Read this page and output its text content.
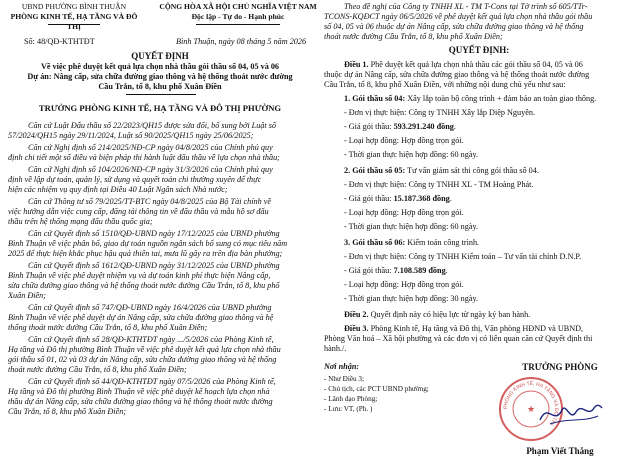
UBND PHƯỜNG BÌNH THUẬN
PHÒNG KINH TẾ, HẠ TẦNG VÀ ĐÔ THỊ
CỘNG HÒA XÃ HỘI CHỦ NGHĨA VIỆT NAM
Độc lập - Tự do - Hạnh phúc
Số: 48/QĐ-KTHTĐT	Bình Thuận, ngày 08 tháng 5 năm 2026
QUYẾT ĐỊNH
Về việc phê duyệt kết quả lựa chọn nhà thầu gói thầu số 04, 05 và 06
Dự án: Nâng cấp, sửa chữa đường giao thông và hệ thống thoát nước đường
Cầu Trắn, tổ 8, khu phố Xuân Điền
TRƯỞNG PHÒNG KINH TẾ, HẠ TẦNG VÀ ĐÔ THỊ PHƯỜNG
Căn cứ Luật Đấu thầu số 22/2023/QH15 được sửa đổi, bổ sung bởi Luật số
57/2024/QH15 ngày 29/11/2024, Luật số 90/2025/QH15 ngày 25/06/2025;
Căn cứ Nghị định số 214/2025/NĐ-CP ngày 04/8/2025 của Chính phủ quy
định chi tiết một số điều và biện pháp thi hành luật đấu thầu về lựa chọn nhà thầu;
Căn cứ Nghị định số 104/2026/NĐ-CP ngày 31/3/2026 của Chính phủ quy
định về lập dự toán, quản lý, sử dụng và quyết toán chi thường xuyên để thực
hiện các nhiệm vụ quy định tại Điều 40 Luật Ngân sách Nhà nước;
Căn cứ Thông tư số 79/2025/TT-BTC ngày 04/8/2025 của Bộ Tài chính về
việc hướng dẫn việc cung cấp, đăng tải thông tin về đấu thầu và mẫu hồ sơ đấu
thầu trên hệ thống mạng đấu thầu quốc gia;
Căn cứ Quyết định số 1510/QĐ-UBND ngày 17/12/2025 của UBND phường
Bình Thuận về việc phân bổ, giao dự toán nguồn ngân sách bổ sung có mục tiêu năm
2025 để thực hiện khắc phục hậu quả thiên tai, mưa lũ gây ra trên địa bàn phường;
Căn cứ Quyết định số 1612/QĐ-UBND ngày 31/12/2025 của UBND phường
Bình Thuận về việc phê duyệt nhiệm vụ và dự toán kinh phí thực hiện Nâng cấp,
sửa chữa đường giao thông và hệ thống thoát nước đường Cầu Trắn, tổ 8, khu phố
Xuân Điền;
Căn cứ Quyết định số 747/QĐ-UBND ngày 16/4/2026 của UBND phường
Bình Thuận về việc phê duyệt dự án Nâng cấp, sửa chữa đường giao thông và hệ
thống thoát nước đường Cầu Trắn, tổ 8, khu phố Xuân Điền;
Căn cứ Quyết định số 28/QĐ-KTHTĐT ngày .../5/2026 của Phòng Kinh tế,
Hạ tầng và Đô thị phường Bình Thuận về việc phê duyệt kết quả lựa chọn nhà thầu
gói thầu số 01, 02 và 03 dự án Nâng cấp, sửa chữa đường giao thông và hệ thống
thoát nước đường Cầu Trắn, tổ 8, khu phố Xuân Điền;
Căn cứ Quyết định số 44/QĐ-KTHTĐT ngày 07/5/2026 của Phòng Kinh tế,
Hạ tầng và Đô thị phường Bình Thuận về việc phê duyệt kế hoạch lựa chọn nhà
thầu dự án Nâng cấp, sửa chữa đường giao thông và hệ thống thoát nước đường
Cầu Trắn, tổ 8, khu phố Xuân Điền;
Theo đề nghị của Công ty TNHH XL - TM T-Cons tại Tờ trình số 605/TTr-
TCONS-KQĐCT ngày 06/5/2026 về phê duyệt kết quả lựa chọn nhà thầu gói thầu
số 04, 05 và 06 thuộc dự án Nâng cấp, sửa chữa đường giao thông và hệ thống
thoát nước đường Cầu Trắn, tổ 8, khu phố Xuân Điền;
QUYẾT ĐỊNH:
Điều 1. Phê duyệt kết quả lựa chọn nhà thầu các gói thầu số 04, 05 và 06
thuộc dự án Nâng cấp, sửa chữa đường giao thông và hệ thống thoát nước đường
Cầu Trắn, tổ 8, khu phố Xuân Điền, với những nội dung chủ yếu như sau:
1. Gói thầu số 04: Xây lắp toàn bộ công trình + đảm bảo an toàn giao thông.
- Đơn vị thực hiện: Công ty TNHH Xây lắp Diệp Nguyên.
- Giá gói thầu: 593.291.240 đồng.
- Loại hợp đồng: Hợp đồng trọn gói.
- Thời gian thực hiện hợp đồng: 60 ngày.
2. Gói thầu số 05: Tư vấn giám sát thi công gói thầu số 04.
- Đơn vị thực hiện: Công ty TNHH XL - TM Hoàng Phát.
- Giá gói thầu: 15.187.368 đồng.
- Loại hợp đồng: Hợp đồng trọn gói.
- Thời gian thực hiện hợp đồng: 60 ngày.
3. Gói thầu số 06: Kiểm toán công trình.
- Đơn vị thực hiện: Công ty TNHH Kiểm toán – Tư vấn tài chính D.N.P.
- Giá gói thầu: 7.108.589 đồng.
- Loại hợp đồng: Hợp đồng trọn gói.
- Thời gian thực hiện hợp đồng: 30 ngày.
Điều 2. Quyết định này có hiệu lực từ ngày ký ban hành.
Điều 3. Phòng Kinh tế, Hạ tầng và Đô thị, Văn phòng HĐND và UBND,
Phòng Văn hoá – Xã hội phường và các đơn vị có liên quan căn cứ Quyết định thi
hành./.
Nơi nhận:
- Như Điều 3;
- Chủ tịch, các PCT UBND phường;
- Lãnh đạo Phòng;
- Lưu: VT, (Ph. )
TRƯỞNG PHÒNG
PHÒNG KINH TẾ, HẠ TẦNG VÀ ĐÔ THỊ
★
Phạm Viết Thắng
